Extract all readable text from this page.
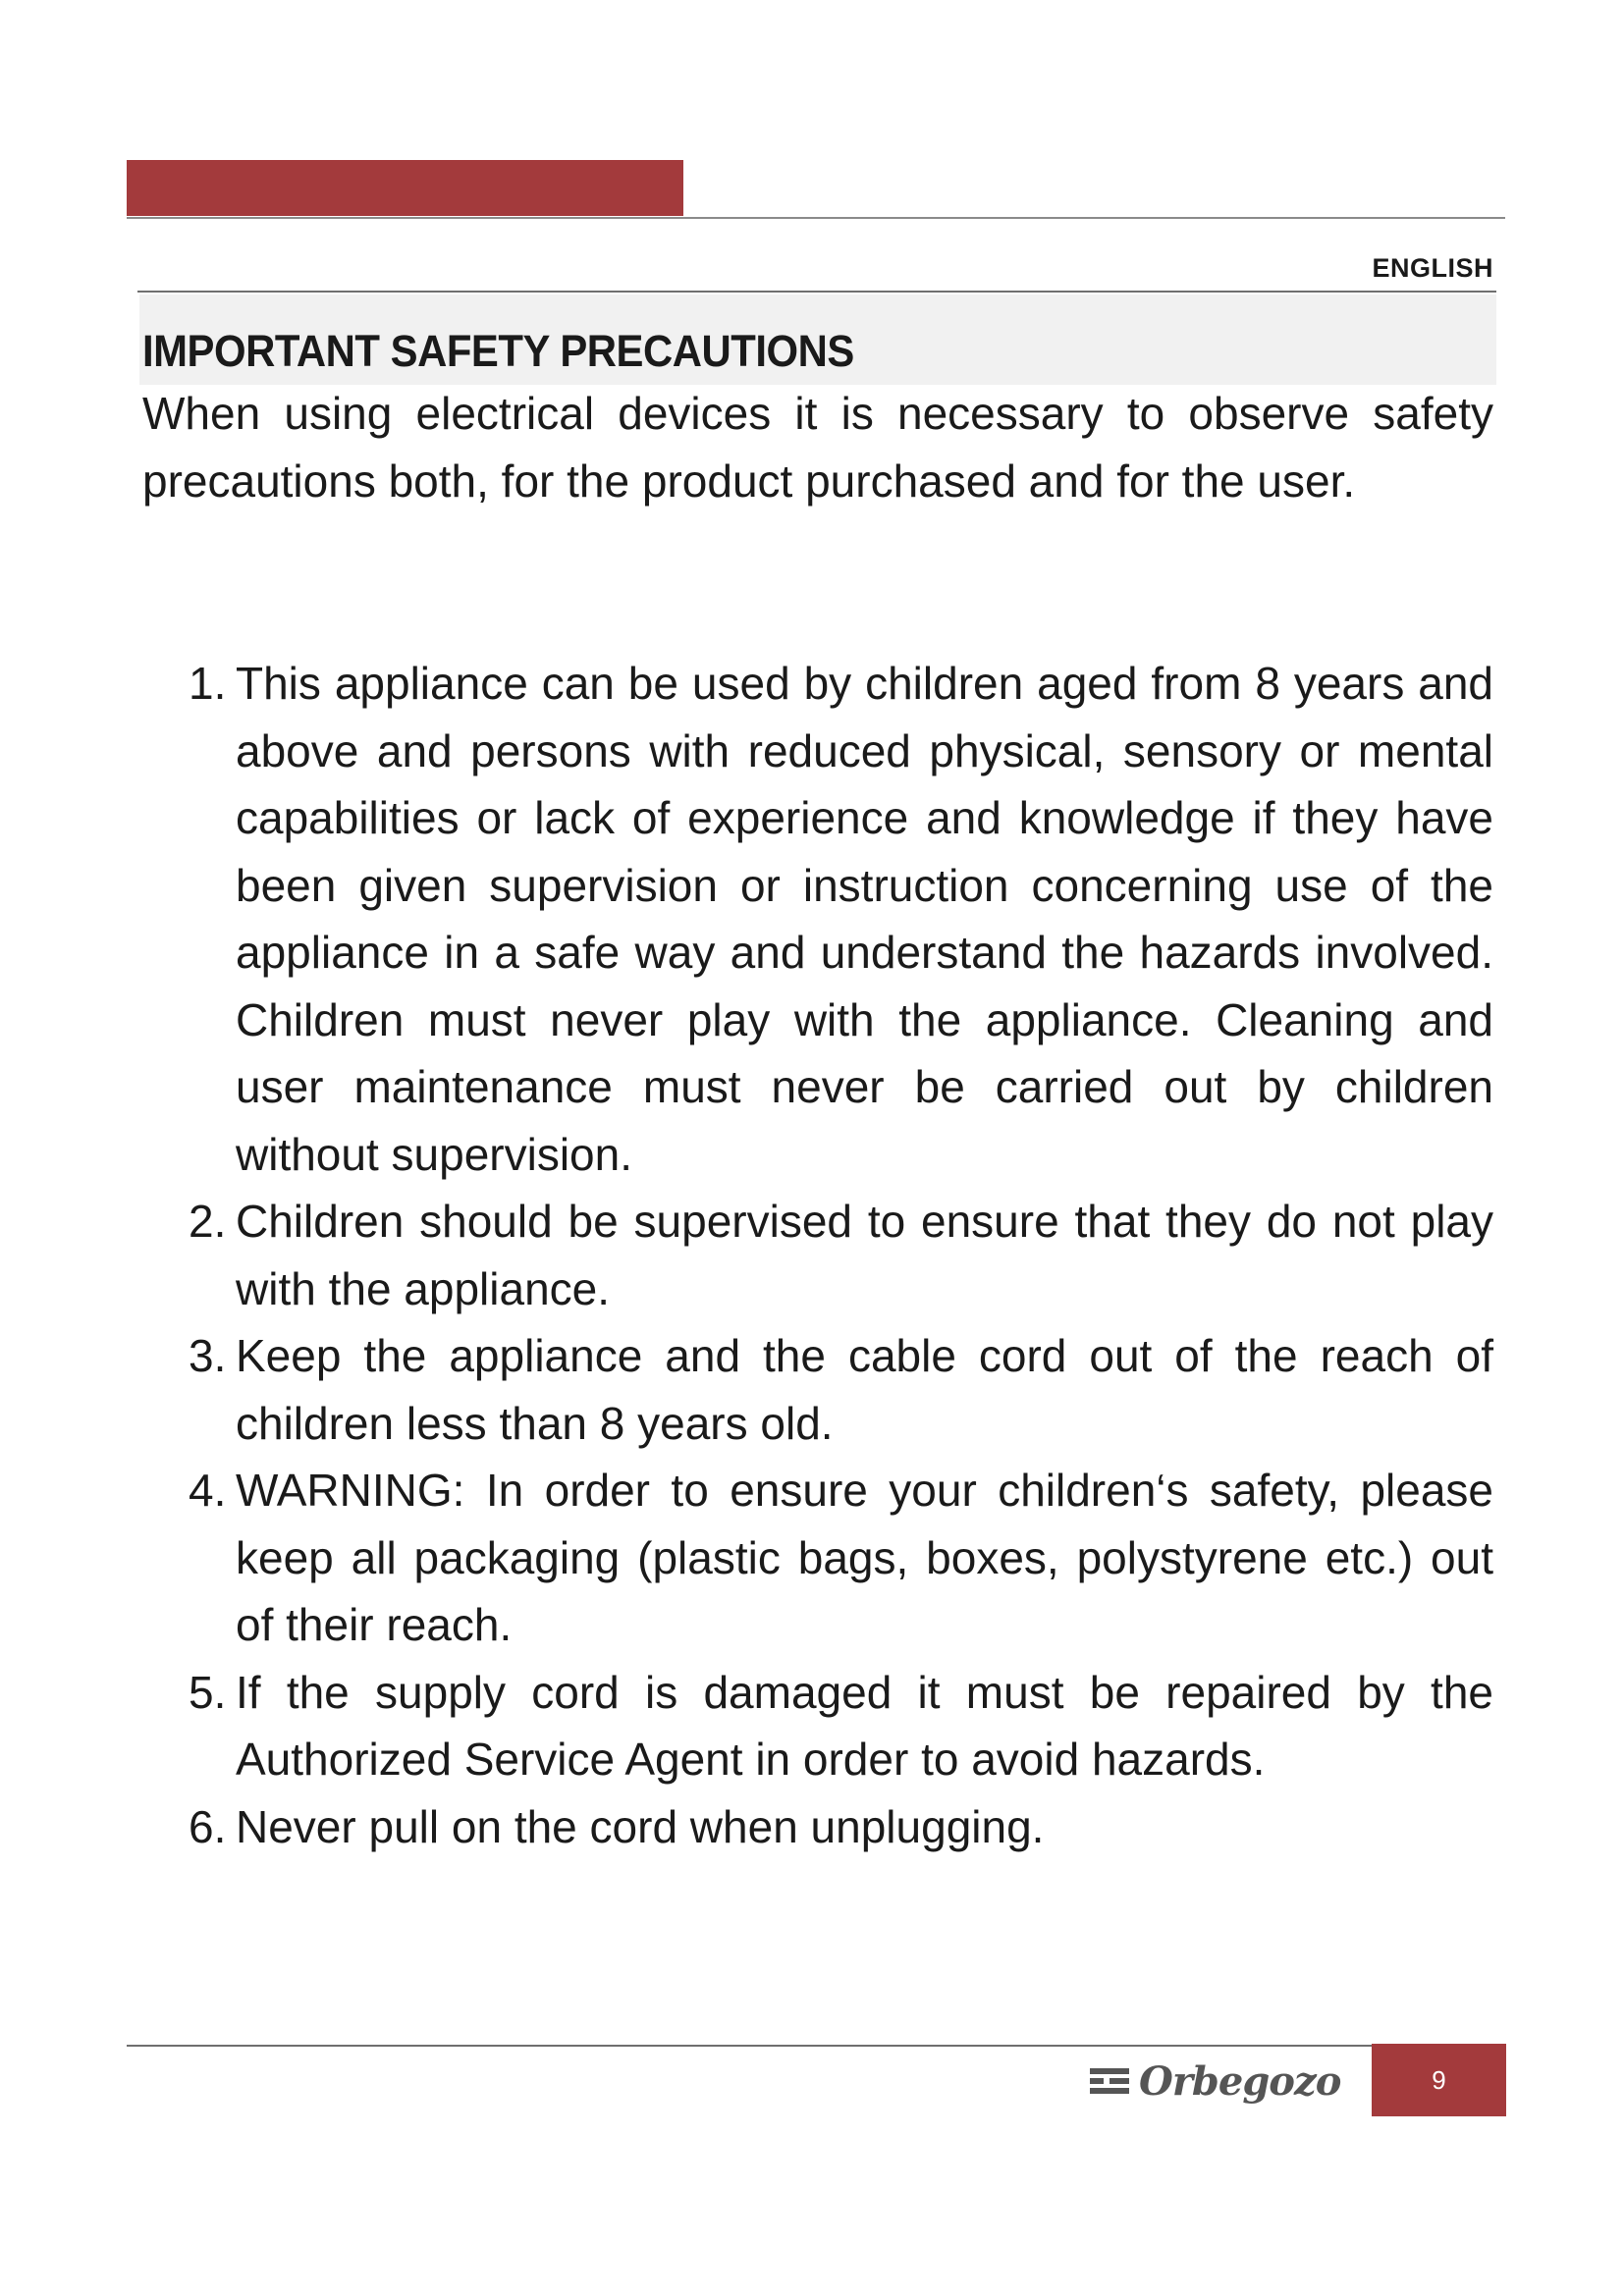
PZ 8100 PZ 7775 N   PZ 6636 N

ENGLISH
IMPORTANT SAFETY PRECAUTIONS

When using electrical devices it is necessary to observe safety precautions both, for the product purchased and for the user.

1. This appliance can be used by children aged from 8 years and above and persons with reduced physical, sensory or mental capabilities or lack of experience and knowledge if they have been given supervision or instruction concerning use of the appliance in a safe way and understand the hazards involved. Children must never play with the appliance. Cleaning and user maintenance must never be carried out by children without supervision.
2. Children should be supervised to ensure that they do not play with the appliance.
3. Keep the appliance and the cable cord out of the reach of children less than 8 years old.
4. WARNING: In order to ensure your children‘s safety, please keep all packaging (plastic bags, boxes, polystyrene etc.) out of their reach.
5. If the supply cord is damaged it must be repaired by the Authorized Service Agent in order to avoid hazards.
6. Never pull on the cord when unplugging.
Orbegozo	9
